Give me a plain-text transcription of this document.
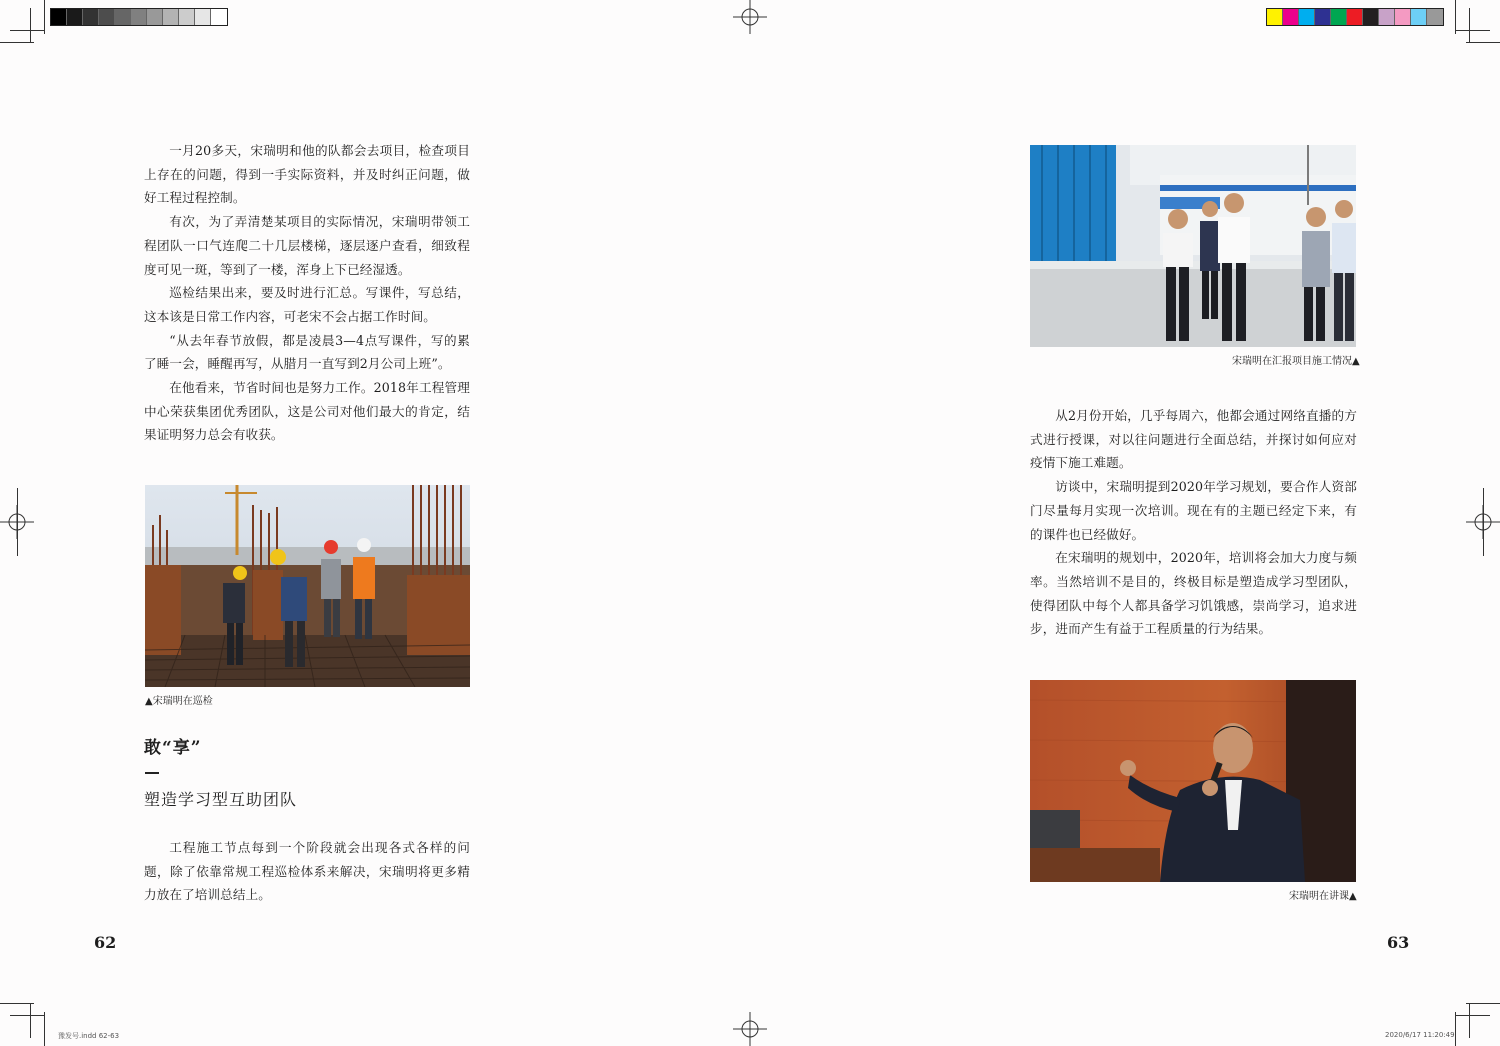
一月20多天，宋瑞明和他的队都会去项目，检查项目上存在的问题，得到一手实际资料，并及时纠正问题，做好工程过程控制。

有次，为了弄清楚某项目的实际情况，宋瑞明带领工程团队一口气连爬二十几层楼梯，逐层逐户查看，细致程度可见一斑，等到了一楼，浑身上下已经湿透。

巡检结果出来，要及时进行汇总。写课件，写总结，这本该是日常工作内容，可老宋不会占据工作时间。

“从去年春节放假，都是凌晨3—4点写课件，写的累了睡一会，睡醒再写，从腊月一直写到2月公司上班”。

在他看来，节省时间也是努力工作。2018年工程管理中心荣获集团优秀团队，这是公司对他们最大的肯定，结果证明努力总会有收获。

▲宋瑞明在巡检
敢“享”
塑造学习型互助团队

工程施工节点每到一个阶段就会出现各式各样的问题，除了依靠常规工程巡检体系来解决，宋瑞明将更多精力放在了培训总结上。

62
宋瑞明在汇报项目施工情况▲

从2月份开始，几乎每周六，他都会通过网络直播的方式进行授课，对以往问题进行全面总结，并探讨如何应对疫情下施工难题。

访谈中，宋瑞明提到2020年学习规划，要合作人资部门尽量每月实现一次培训。现在有的主题已经定下来，有的课件也已经做好。

在宋瑞明的规划中，2020年，培训将会加大力度与频率。当然培训不是目的，终极目标是塑造成学习型团队，使得团队中每个人都具备学习饥饿感，崇尚学习，追求进步，进而产生有益于工程质量的行为结果。

宋瑞明在讲课▲
63
豫发号.indd 62-63	2020/6/17 11:20:49
